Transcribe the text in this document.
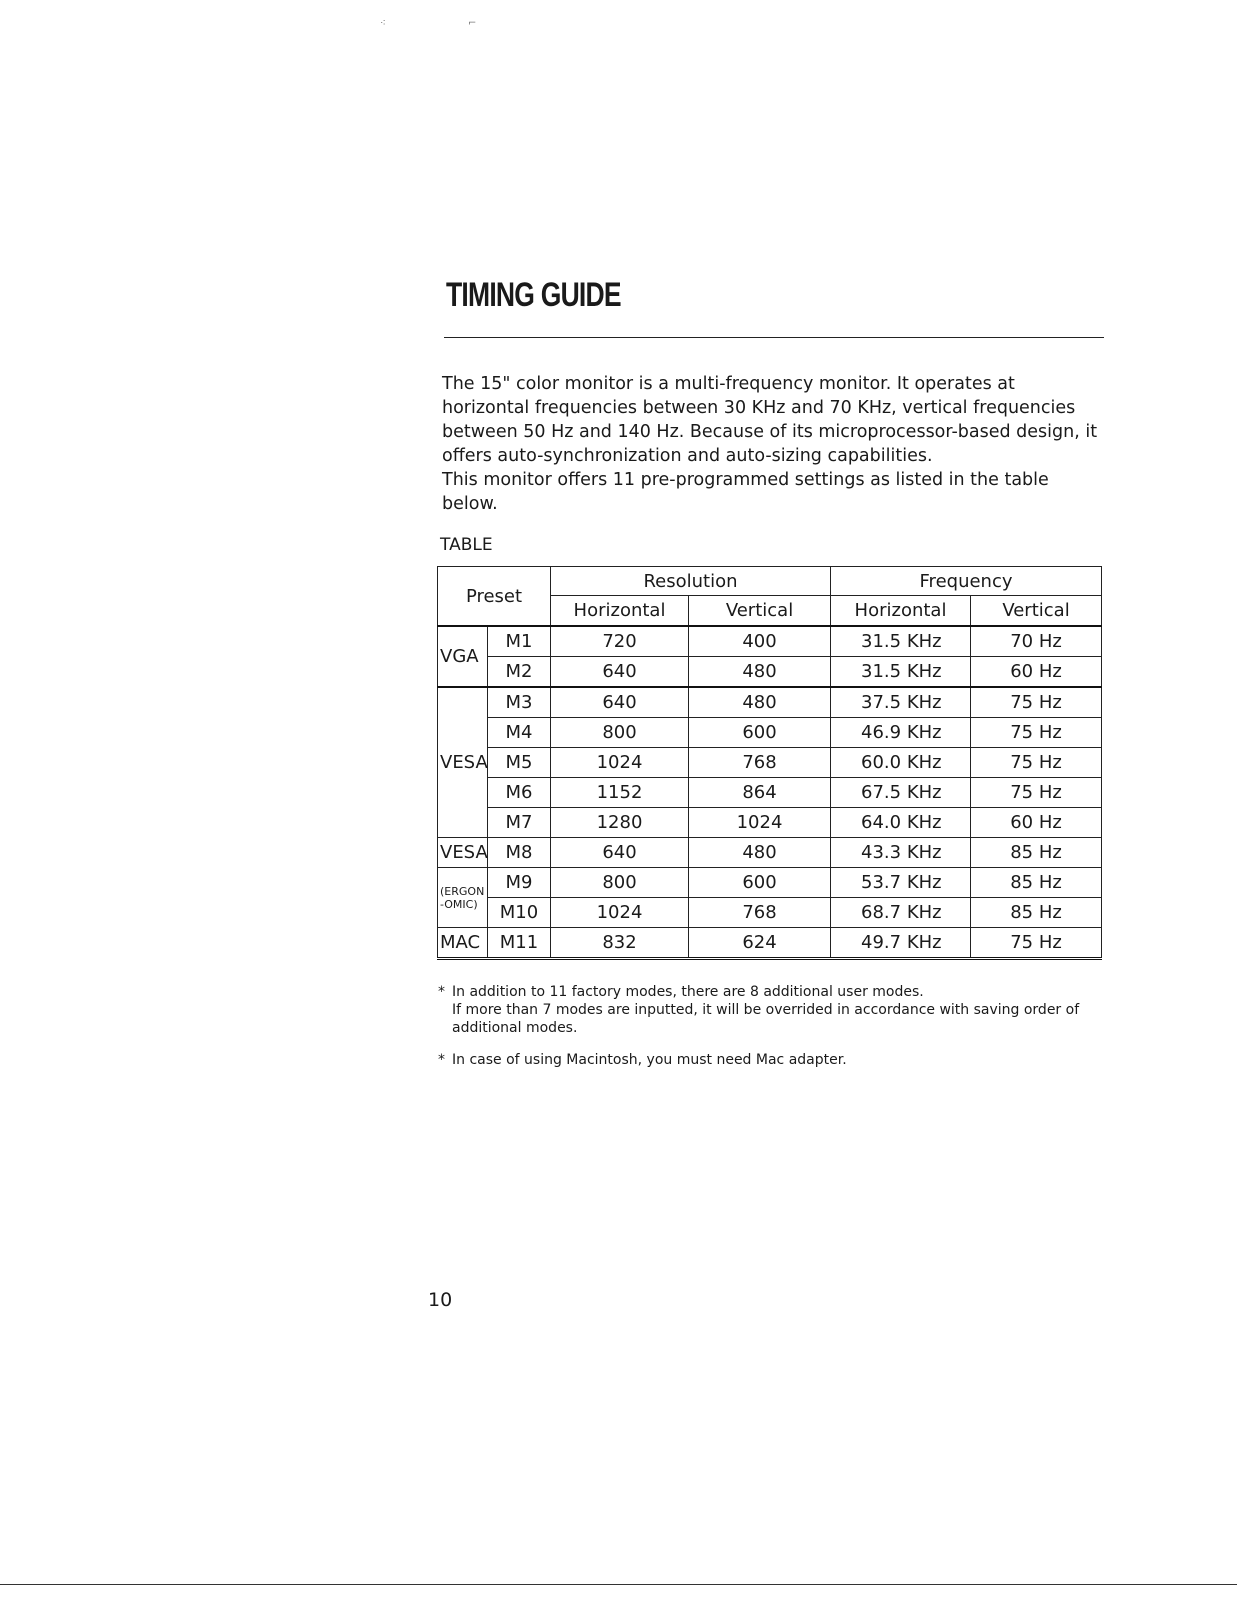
⁖	⌐
TIMING GUIDE

The 15" color monitor is a multi-frequency monitor. It operates at horizontal frequencies between 30 KHz and 70 KHz, vertical frequencies between 50 Hz and 140 Hz. Because of its microprocessor-based design, it offers auto-synchronization and auto-sizing capabilities.

This monitor offers 11 pre-programmed settings as listed in the table below.

TABLE

Preset		Resolution		Frequency	
		Horizontal	Vertical	Horizontal	Vertical
VGA	M1	720	400	31.5 KHz	70 Hz
	M2	640	480	31.5 KHz	60 Hz
VESA	M3	640	480	37.5 KHz	75 Hz
	M4	800	600	46.9 KHz	75 Hz
	M5	1024	768	60.0 KHz	75 Hz
	M6	1152	864	67.5 KHz	75 Hz
	M7	1280	1024	64.0 KHz	60 Hz
VESA	M8	640	480	43.3 KHz	85 Hz
(ERGON
-OMIC)	M9	800	600	53.7 KHz	85 Hz
	M10	1024	768	68.7 KHz	85 Hz
MAC	M11	832	624	49.7 KHz	75 Hz
* In addition to 11 factory modes, there are 8 additional user modes.
If more than 7 modes are inputted, it will be overrided in accordance with saving order of additional modes.
* In case of using Macintosh, you must need Mac adapter.

10
